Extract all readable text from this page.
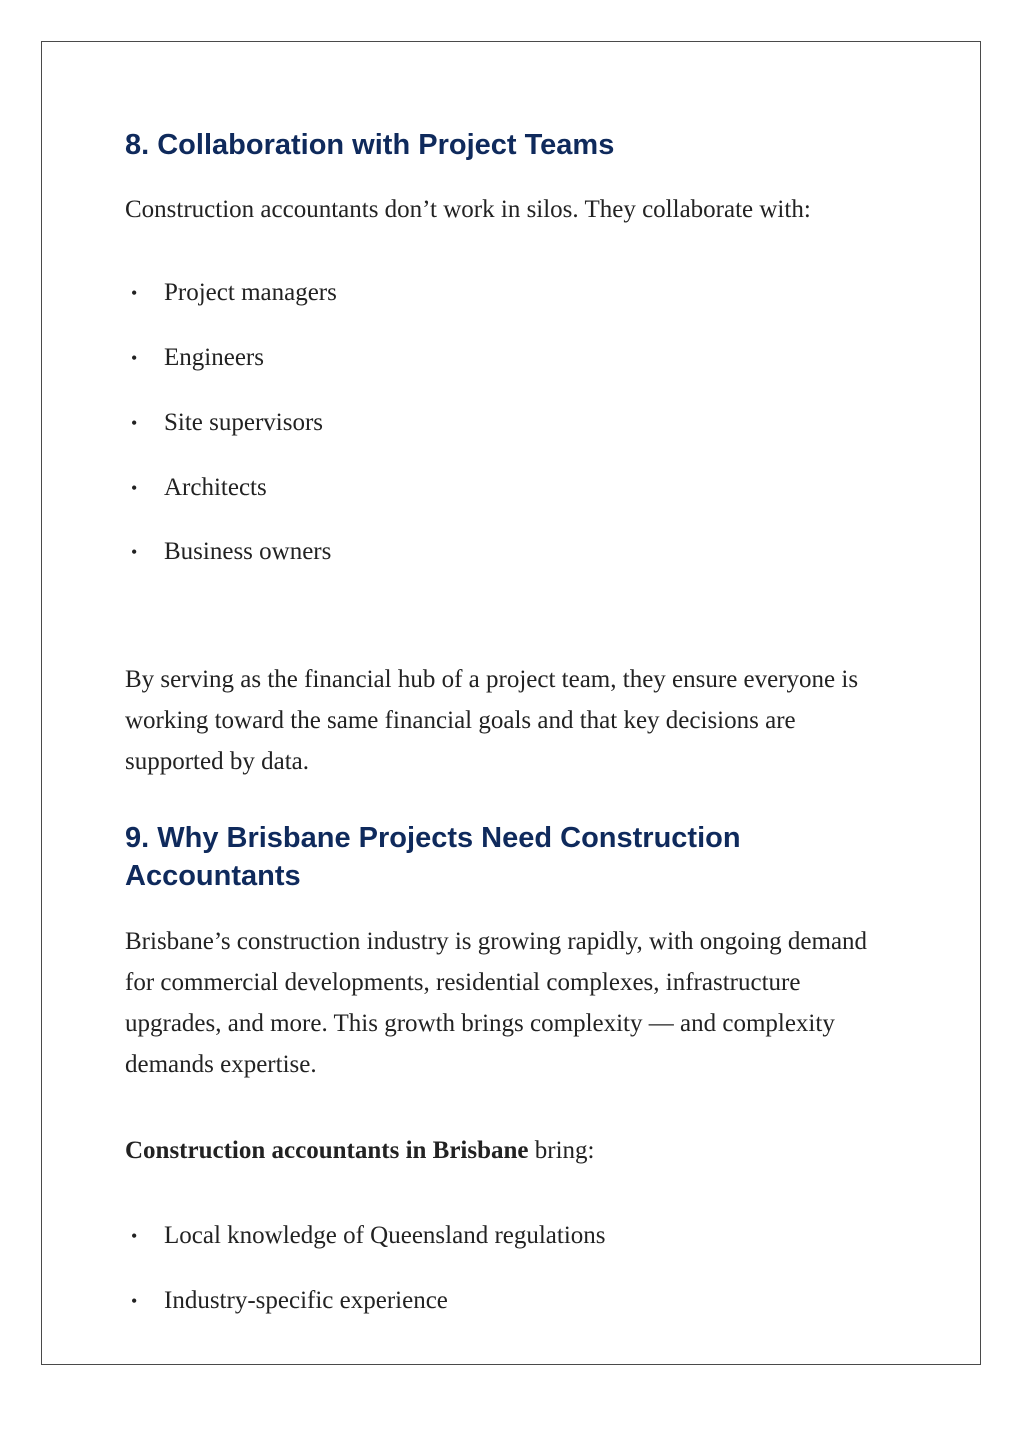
8. Collaboration with Project Teams

Construction accountants don’t work in silos. They collaborate with:

• Project managers
• Engineers
• Site supervisors
• Architects
• Business owners

By serving as the financial hub of a project team, they ensure everyone is working toward the same financial goals and that key decisions are supported by data.

9. Why Brisbane Projects Need Construction Accountants

Brisbane’s construction industry is growing rapidly, with ongoing demand for commercial developments, residential complexes, infrastructure upgrades, and more. This growth brings complexity — and complexity demands expertise.

Construction accountants in Brisbane bring:

• Local knowledge of Queensland regulations
• Industry-specific experience
